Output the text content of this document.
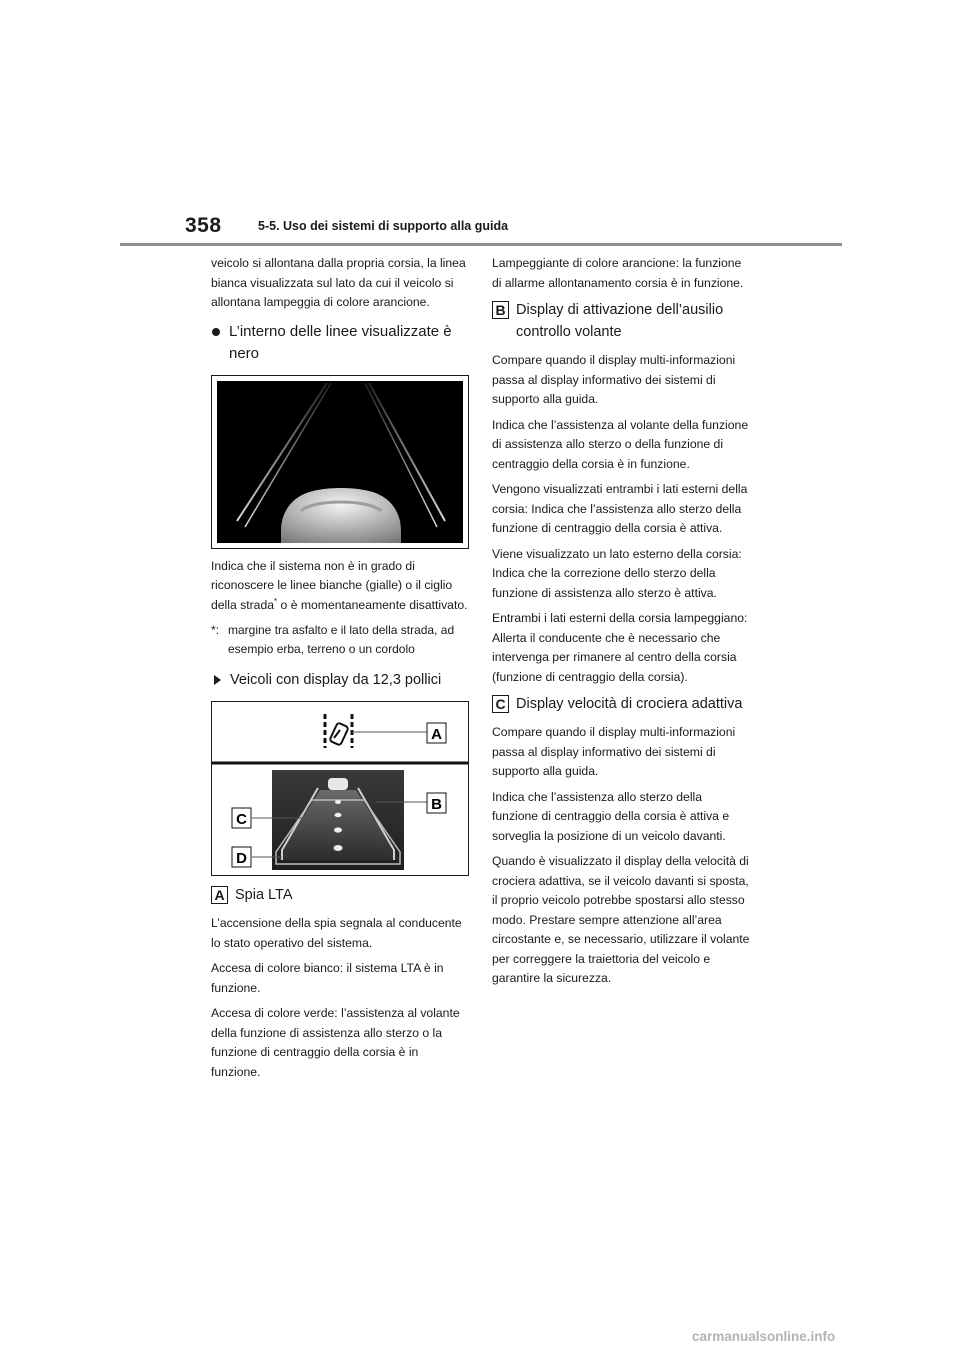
358	5-5. Uso dei sistemi di supporto alla guida

veicolo si allontana dalla propria corsia, la linea bianca visualizzata sul lato da cui il veicolo si allontana lampeggia di colore arancione.

L’interno delle linee visualizzate è nero

Indica che il sistema non è in grado di riconoscere le linee bianche (gialle) o il ciglio della strada* o è momentaneamente disattivato.

*: margine tra asfalto e il lato della strada, ad esempio erba, terreno o un cordolo
Veicoli con display da 12,3 pollici
A
B
C
D
A Spia LTA

L’accensione della spia segnala al conducente lo stato operativo del sistema.

Accesa di colore bianco: il sistema LTA è in funzione.

Accesa di colore verde: l’assistenza al volante della funzione di assistenza allo sterzo o la funzione di centraggio della corsia è in funzione.

Lampeggiante di colore arancione: la funzione di allarme allontanamento corsia è in funzione.

B Display di attivazione dell’ausilio controllo volante

Compare quando il display multi-informazioni passa al display informativo dei sistemi di supporto alla guida.

Indica che l’assistenza al volante della funzione di assistenza allo sterzo o della funzione di centraggio della corsia è in funzione.

Vengono visualizzati entrambi i lati esterni della corsia: Indica che l’assistenza allo sterzo della funzione di centraggio della corsia è attiva.

Viene visualizzato un lato esterno della corsia: Indica che la correzione dello sterzo della funzione di assistenza allo sterzo è attiva.

Entrambi i lati esterni della corsia lampeggiano: Allerta il conducente che è necessario che intervenga per rimanere al centro della corsia (funzione di centraggio della corsia).

C Display velocità di crociera adattiva

Compare quando il display multi-informazioni passa al display informativo dei sistemi di supporto alla guida.

Indica che l’assistenza allo sterzo della funzione di centraggio della corsia è attiva e sorveglia la posizione di un veicolo davanti.

Quando è visualizzato il display della velocità di crociera adattiva, se il veicolo davanti si sposta, il proprio veicolo potrebbe spostarsi allo stesso modo. Prestare sempre attenzione all’area circostante e, se necessario, utilizzare il volante per correggere la traiettoria del veicolo e garantire la sicurezza.

carmanualsonline.info
